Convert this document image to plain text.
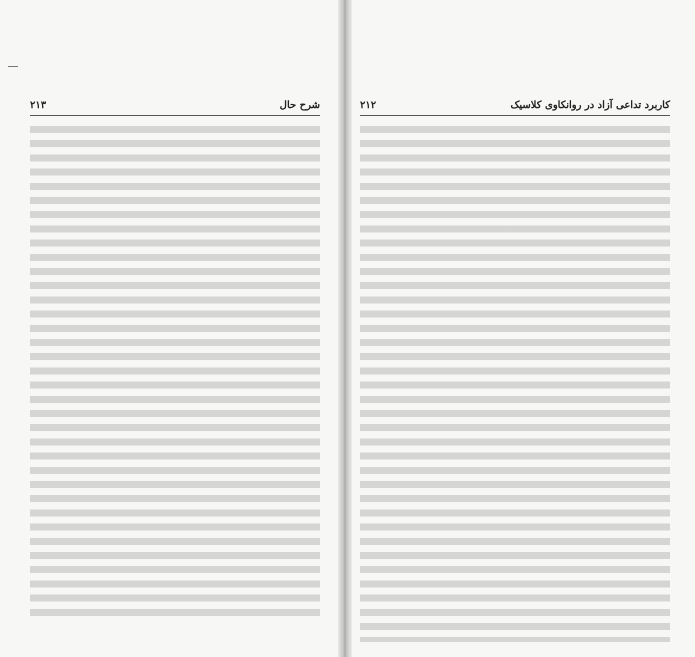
شرح حال
۲۱۳	کاربرد تداعی آزاد در روانکاوی کلاسیک
۲۱۲
